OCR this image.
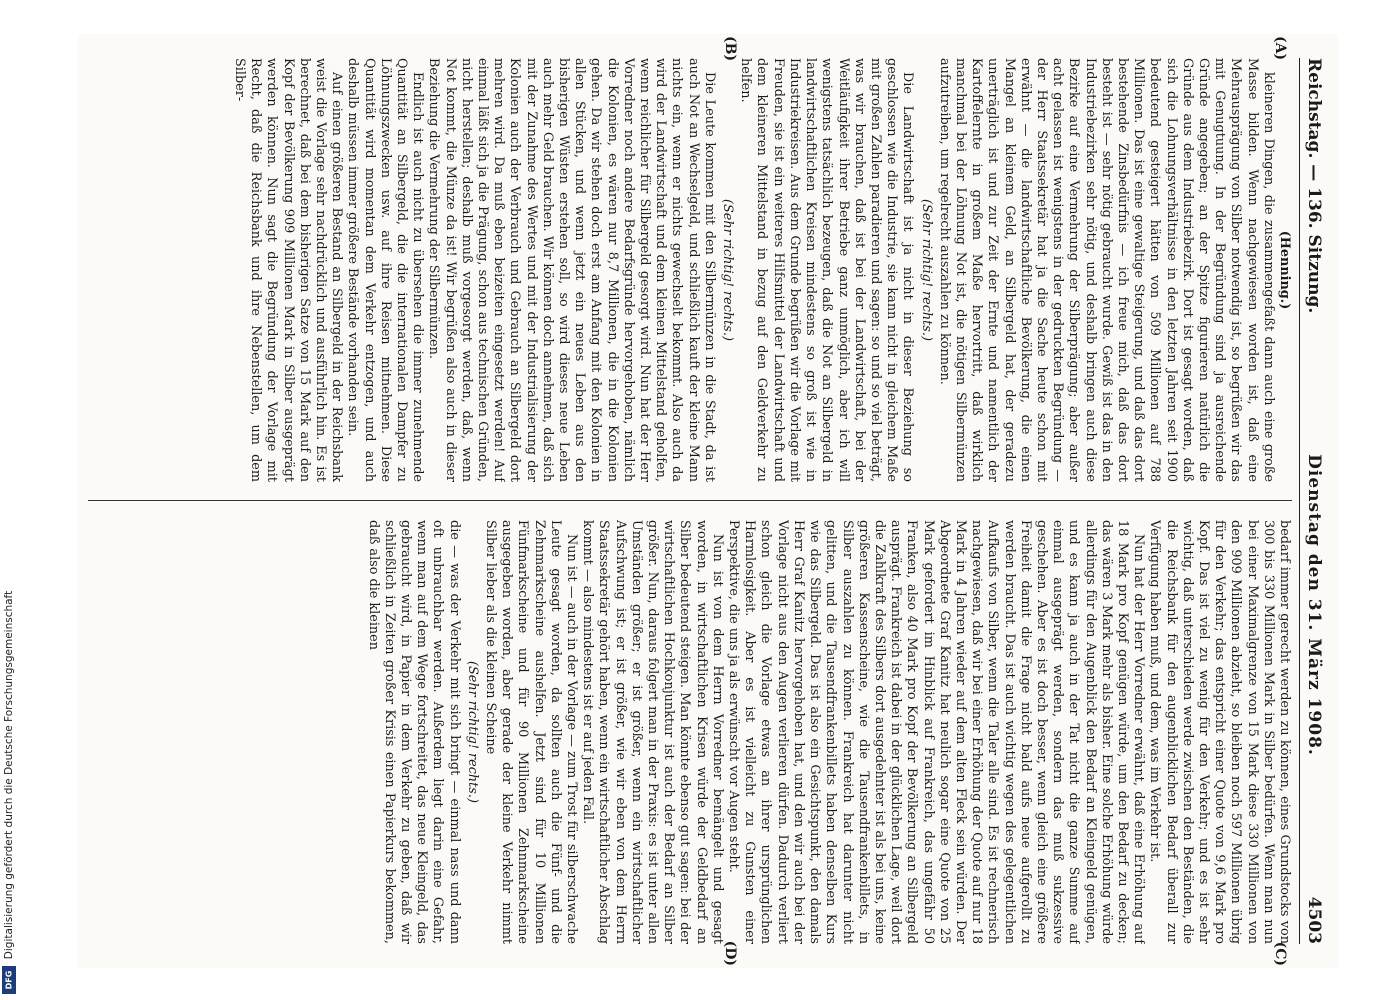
Reichstag. — 136. Sitzung.
Dienstag den 31. März 1908.
4503
(A)
(B)
(C)
(D)

(Henning.)

kleineren Dingen, die zusammengefaßt dann auch eine große Masse bilden. Wenn nachgewiesen worden ist, daß eine Mehrausprägung von Silber notwendig ist, so begrüßen wir das mit Genugtuung. In der Begründung sind ja ausreichende Gründe angegeben; an der Spitze figurieren natürlich die Gründe aus dem Industriebezirk. Dort ist gesagt worden, daß sich die Lohnungsverhältnisse in den letzten Jahren seit 1900 bedeutend gesteigert hätten von 509 Millionen auf 788 Millionen. Das ist eine gewaltige Steigerung, und daß das dort bestehende Zinsbedürfnis — ich freue mich, daß das dort besteht ist — sehr nötig gebraucht wurde. Gewiß ist das in den Industriebezirken sehr nötig, und deshalb bringen auch diese Bezirke auf eine Vermehrung der Silberprägung; aber außer acht gelassen ist wenigstens in der gedruckten Begründung — der Herr Staatssekretär hat ja die Sache heute schon mit erwähnt — die landwirtschaftliche Bevölkerung, die einen Mangel an kleinem Geld, an Silbergeld hat, der geradezu unerträglich ist und zur Zeit der Ernte und namentlich der Kartoffelernte in großem Maße hervortritt, daß wirklich manchmal bei der Löhnung Not ist, die nötigen Silbermünzen aufzutreiben, um regelrecht auszahlen zu können.

(Sehr richtig! rechts.)

Die Landwirtschaft ist ja nicht in dieser Beziehung so geschlossen wie die Industrie, sie kann nicht in gleichem Maße mit großen Zahlen paradieren und sagen: so und so viel beträgt, was wir brauchen, daß ist bei der Landwirtschaft, bei der Weitläufigkeit ihrer Betriebe ganz unmöglich, aber ich will wenigstens tatsächlich bezeugen, daß die Not an Silbergeld in landwirtschaftlichen Kreisen mindestens so groß ist wie in Industriekreisen. Aus dem Grunde begrüßen wir die Vorlage mit Freuden, sie ist ein weiteres Hilfsmittel der Landwirtschaft und dem kleineren Mittelstand in bezug auf den Geldverkehr zu helfen.

(Sehr richtig! rechts.)

Die Leute kommen mit den Silbermünzen in die Stadt, da ist auch Not an Wechselgeld, und schließlich kauft der kleine Mann nichts ein, wenn er nichts gewechselt bekommt. Also auch da wird der Landwirtschaft und dem kleinen Mittelstand geholfen, wenn reichlicher für Silbergeld gesorgt wird. Nun hat der Herr Vorredner noch andere Bedarfsgründe hervorgehoben, nämlich die Kolonien, es wären nur 8,7 Millionen, die in die Kolonien gehen. Da wir stehen doch erst am Anfang mit den Kolonien in allen Stücken, und wenn jetzt ein neues Leben aus den bisherigen Wüsten erstehen soll, so wird dieses neue Leben auch mehr Geld brauchen. Wir können doch annehmen, daß sich mit der Zunahme des Wertes und mit der Industrialisierung der Kolonien auch der Verbrauch und Gebrauch an Silbergeld dort mehren wird. Da muß eben beizeiten eingesetzt werden! Auf einmal läßt sich ja die Prägung, schon aus technischen Gründen, nicht herstellen; deshalb muß vorgesorgt werden, daß, wenn Not kommt, die Münze da ist! Wir begrüßen also auch in dieser Beziehung die Vermehrung der Silbermünzen.

Endlich ist auch nicht zu übersehen die immer zunehmende Quantität an Silbergeld, die die internationalen Dampfer zu Löhnungszwecken usw. auf ihre Reisen mitnehmen. Diese Quantität wird momentan dem Verkehr entzogen, und auch deshalb müssen immer größere Bestände vorhanden sein.

Auf einen größeren Bestand an Silbergeld in der Reichsbank weist die Vorlage sehr nachdrücklich und ausführlich hin. Es ist berechnet, daß bei dem bisherigen Satze von 15 Mark auf den Kopf der Bevölkerung 909 Millionen Mark in Silber ausgeprägt werden können. Nun sagt die Begründung der Vorlage mit Recht, daß die Reichsbank und ihre Nebenstellen, um dem Silber-

bedarf immer gerecht werden zu können, eines Grundstocks von 300 bis 330 Millionen Mark in Silber bedürfen. Wenn man nun bei einer Maximalgrenze von 15 Mark diese 330 Millionen von den 909 Millionen abzieht, so bleiben noch 597 Millionen übrig für den Verkehr; das entspricht einer Quote von 9,6 Mark pro Kopf. Das ist viel zu wenig für den Verkehr; und es ist sehr wichtig, daß unterschieden werde zwischen den Beständen, die die Reichsbank für den augenblicklichen Bedarf überall zur Verfügung haben muß, und dem, was im Verkehr ist.

Nun hat der Herr Vorredner erwähnt, daß eine Erhöhung auf 18 Mark pro Kopf genügen würde, um den Bedarf zu decken; das wären 3 Mark mehr als bisher. Eine solche Erhöhung würde allerdings für den Augenblick den Bedarf an Kleingeld genügen, und es kann ja auch in der Tat nicht die ganze Summe auf einmal ausgeprägt werden, sondern das muß sukzessive geschehen. Aber es ist doch besser, wenn gleich eine größere Freiheit damit die Frage nicht bald aufs neue aufgerollt zu werden braucht. Das ist auch wichtig wegen des gelegentlichen Aufkaufs von Silber, wenn die Taler alle sind. Es ist rechnerisch nachgewiesen, daß wir bei einer Erhöhung der Quote auf nur 18 Mark in 4 Jahren wieder auf dem alten Fleck sein würden. Der Abgeordnete Graf Kanitz hat neulich sogar eine Quote von 25 Mark gefordert im Hinblick auf Frankreich, das ungefähr 50 Franken, also 40 Mark pro Kopf der Bevölkerung an Silbergeld ausprägt. Frankreich ist dabei in der glücklichen Lage, weil dort die Zahlkraft des Silbers dort ausgedehnter ist als bei uns, keine größeren Kassenscheine, wie die Tausendfrankenbillets, in Silber auszahlen zu können. Frankreich hat darunter nicht gelitten, und die Tausendfrankenbillets haben denselben Kurs wie das Silbergeld. Das ist also ein Gesichtspunkt, den damals Herr Graf Kanitz hervorgehoben hat, und den wir auch bei der Vorlage nicht aus den Augen verlieren dürfen. Dadurch verliert schon gleich die Vorlage etwas an ihrer ursprünglichen Harmlosigkeit. Aber es ist vielleicht zu Gunsten einer Perspektive, die uns ja als erwünscht vor Augen steht.

Nun ist von dem Herrn Vorredner bemängelt und gesagt worden, in wirtschaftlichen Krisen würde der Geldbedarf an Silber bedeutend steigen. Man könnte ebenso gut sagen: bei der wirtschaftlichen Hochkonjunktur ist auch der Bedarf an Silber größer. Nun, daraus folgert man in der Praxis: es ist unter allen Umständen größer; er ist größer, wenn ein wirtschaftlicher Aufschwung ist; er ist größer, wie wir eben von dem Herrn Staatssekretär gehört haben, wenn ein wirtschaftlicher Abschlag kommt — also mindestens ist er auf jeden Fall.

Nun ist — auch in der Vorlage — zum Trost für silberschwache Leute gesagt worden, da sollten auch die Fünf- und die Zehnmarkscheine aushelfen. Jetzt sind für 10 Millionen Fünfmarkscheine und für 90 Millionen Zehnmarkscheine ausgegeben worden, aber gerade der kleine Verkehr nimmt Silber lieber als die kleinen Scheine

(Sehr richtig! rechts.)

die — was der Verkehr mit sich bringt — einmal nass und dann oft unbrauchbar werden. Außerdem liegt darin eine Gefahr, wenn man auf dem Wege fortschreitet, das neue Kleingeld, das gebraucht wird, in Papier in dem Verkehr zu geben, daß wir schließlich in Zeiten großer Krisis einen Papierkurs bekommen, daß also die kleinen

Digitalisierung gefördert durch die Deutsche Forschungsgemeinschaft
DFG
